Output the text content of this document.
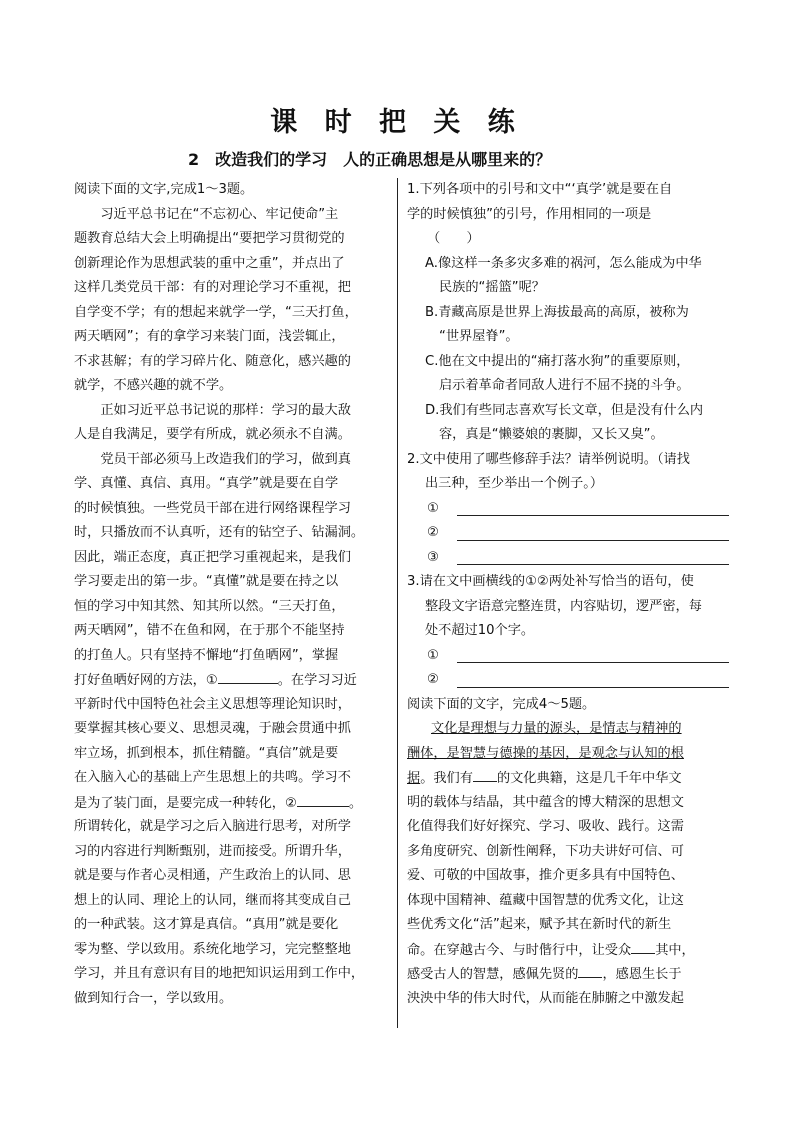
课 时 把 关 练
2　改造我们的学习　人的正确思想是从哪里来的？
阅读下面的文字,完成1～3题。
　　习近平总书记在“不忘初心、牢记使命”主
题教育总结大会上明确提出“要把学习贯彻党的
创新理论作为思想武装的重中之重”，并点出了
这样几类党员干部：有的对理论学习不重视，把
自学变不学；有的想起来就学一学，“三天打鱼，
两天晒网”；有的拿学习来装门面，浅尝辄止，
不求甚解；有的学习碎片化、随意化，感兴趣的
就学，不感兴趣的就不学。
　　正如习近平总书记说的那样：学习的最大敌
人是自我满足，要学有所成，就必须永不自满。
　　党员干部必须马上改造我们的学习，做到真
学、真懂、真信、真用。“真学”就是要在自学
的时候慎独。一些党员干部在进行网络课程学习
时，只播放而不认真听，还有的钻空子、钻漏洞。
因此，端正态度，真正把学习重视起来，是我们
学习要走出的第一步。“真懂”就是要在持之以
恒的学习中知其然、知其所以然。“三天打鱼，
两天晒网”，错不在鱼和网，在于那个不能坚持
的打鱼人。只有坚持不懈地“打鱼晒网”，掌握
打好鱼晒好网的方法，①	。在学习习近
平新时代中国特色社会主义思想等理论知识时，
要掌握其核心要义、思想灵魂，于融会贯通中抓
牢立场，抓到根本，抓住精髓。“真信”就是要
在入脑入心的基础上产生思想上的共鸣。学习不
是为了装门面，是要完成一种转化，②	。
所谓转化，就是学习之后入脑进行思考，对所学
习的内容进行判断甄别，进而接受。所谓升华，
就是要与作者心灵相通，产生政治上的认同、思
想上的认同、理论上的认同，继而将其变成自己
的一种武装。这才算是真信。“真用”就是要化
零为整、学以致用。系统化地学习，完完整整地
学习，并且有意识有目的地把知识运用到工作中，
做到知行合一，学以致用。
1.下列各项中的引号和文中“‘真学’就是要在自
学的时候慎独”的引号，作用相同的一项是
（　　）
A.像这样一条多灾多难的祸河，怎么能成为中华
民族的“摇篮”呢？
B.青藏高原是世界上海拔最高的高原，被称为
“世界屋脊”。
C.他在文中提出的“痛打落水狗”的重要原则，
启示着革命者同敌人进行不屈不挠的斗争。
D.我们有些同志喜欢写长文章，但是没有什么内
容，真是“懒婆娘的裹脚，又长又臭”。
2.文中使用了哪些修辞手法？请举例说明。（请找
出三种，至少举出一个例子。）
①
②
③
3.请在文中画横线的①②两处补写恰当的语句，使
整段文字语意完整连贯，内容贴切，逻严密，每
处不超过10个字。
①
②
阅读下面的文字，完成4～5题。
文化是理想与力量的源头，是情志与精神的
酬体，是智慧与德操的基因，是观念与认知的根
据。我们有 的文化典籍，这是几千年中华文
明的载体与结晶，其中蕴含的博大精深的思想文
化值得我们好好探究、学习、吸收、践行。这需
多角度研究、创新性阐释，下功夫讲好可信、可
爱、可敬的中国故事，推介更多具有中国特色、
体现中国精神、蕴藏中国智慧的优秀文化，让这
些优秀文化“活”起来，赋予其在新时代的新生
命。在穿越古今、与时偕行中，让受众 其中，
感受古人的智慧，感佩先贤的 ，感恩生长于
泱泱中华的伟大时代，从而能在肺腑之中激发起
